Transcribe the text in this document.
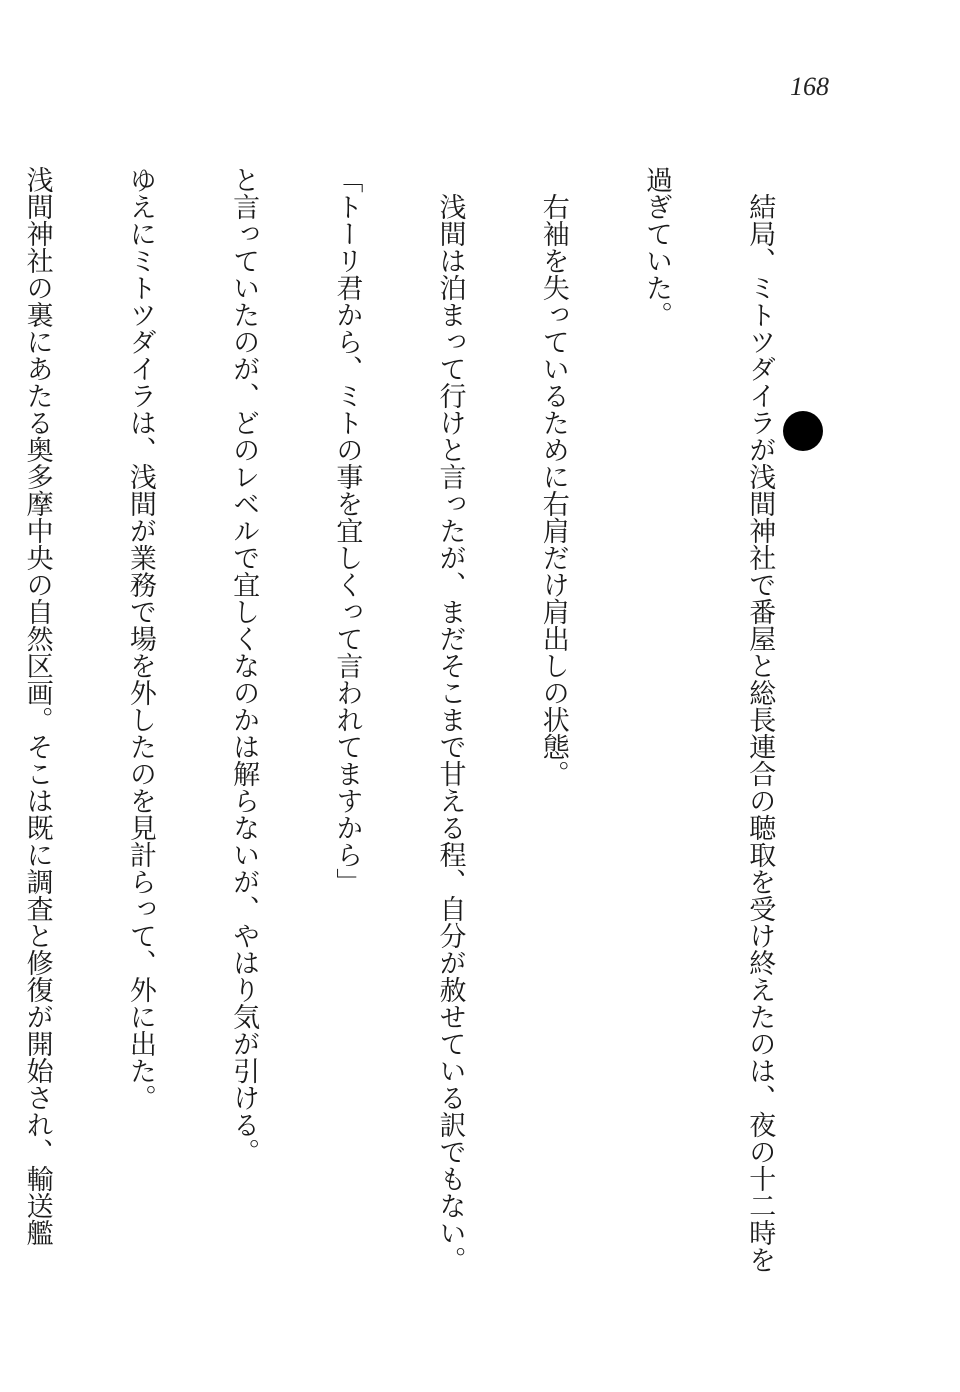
168

結局、ミトツダイラが浅間神社で番屋と総長連合の聴取を受け終えたのは、夜の十二時を

過ぎていた。

右袖を失っているために右肩だけ肩出しの状態。

浅間は泊まって行けと言ったが、まだそこまで甘える程、自分が赦せている訳でもない。

「トーリ君から、ミトの事を宜しくって言われてますから」

と言っていたのが、どのレベルで宜しくなのかは解らないが、やはり気が引ける。

ゆえにミトツダイラは、浅間が業務で場を外したのを見計らって、外に出た。

浅間神社の裏にあたる奥多摩中央の自然区画。そこは既に調査と修復が開始され、輸送艦
